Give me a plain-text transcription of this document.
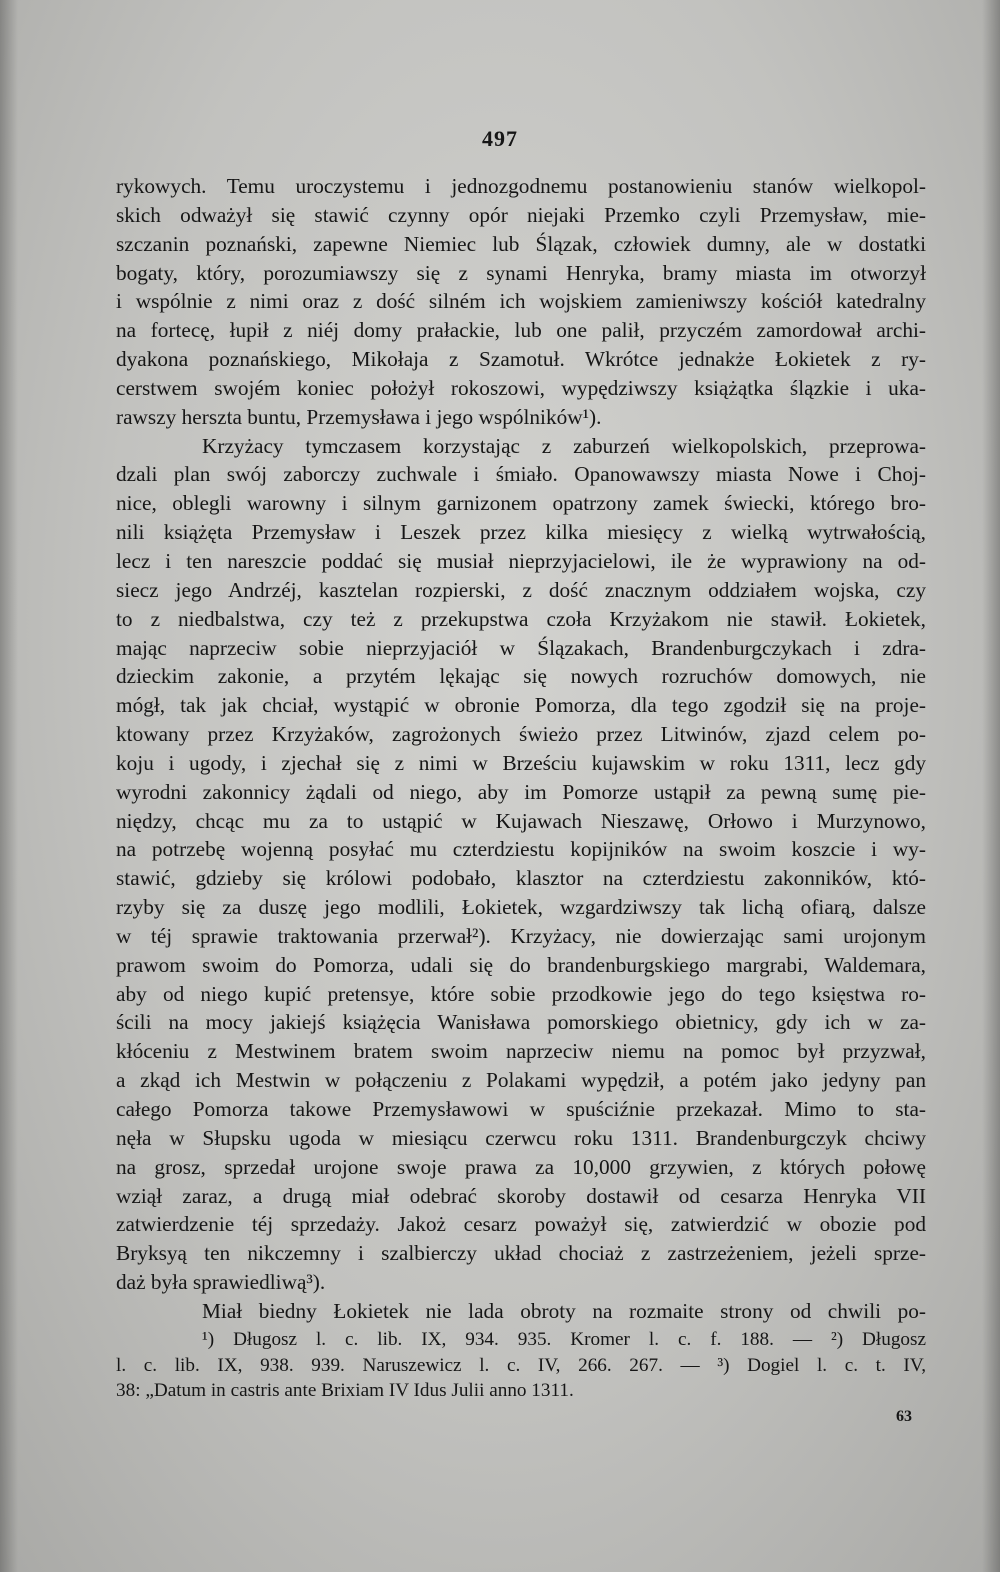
497
rykowych. Temu uroczystemu i jednozgodnemu postanowieniu stanów wielkopol-
skich odważył się stawić czynny opór niejaki Przemko czyli Przemysław, mie-
szczanin poznański, zapewne Niemiec lub Ślązak, człowiek dumny, ale w dostatki
bogaty, który, porozumiawszy się z synami Henryka, bramy miasta im otworzył
i wspólnie z nimi oraz z dość silném ich wojskiem zamieniwszy kościół katedralny
na fortecę, łupił z niéj domy prałackie, lub one palił, przyczém zamordował archi-
dyakona poznańskiego, Mikołaja z Szamotuł. Wkrótce jednakże Łokietek z ry-
cerstwem swojém koniec położył rokoszowi, wypędziwszy książątka ślązkie i uka-
rawszy herszta buntu, Przemysława i jego wspólników¹).
Krzyżacy tymczasem korzystając z zaburzeń wielkopolskich, przeprowa-
dzali plan swój zaborczy zuchwale i śmiało. Opanowawszy miasta Nowe i Choj-
nice, oblegli warowny i silnym garnizonem opatrzony zamek świecki, którego bro-
nili książęta Przemysław i Leszek przez kilka miesięcy z wielką wytrwałością,
lecz i ten nareszcie poddać się musiał nieprzyjacielowi, ile że wyprawiony na od-
siecz jego Andrzéj, kasztelan rozpierski, z dość znacznym oddziałem wojska, czy
to z niedbalstwa, czy też z przekupstwa czoła Krzyżakom nie stawił. Łokietek,
mając naprzeciw sobie nieprzyjaciół w Ślązakach, Brandenburgczykach i zdra-
dzieckim zakonie, a przytém lękając się nowych rozruchów domowych, nie
mógł, tak jak chciał, wystąpić w obronie Pomorza, dla tego zgodził się na proje-
ktowany przez Krzyżaków, zagrożonych świeżo przez Litwinów, zjazd celem po-
koju i ugody, i zjechał się z nimi w Brześciu kujawskim w roku 1311, lecz gdy
wyrodni zakonnicy żądali od niego, aby im Pomorze ustąpił za pewną sumę pie-
niędzy, chcąc mu za to ustąpić w Kujawach Nieszawę, Orłowo i Murzynowo,
na potrzebę wojenną posyłać mu czterdziestu kopijników na swoim koszcie i wy-
stawić, gdzieby się królowi podobało, klasztor na czterdziestu zakonników, któ-
rzyby się za duszę jego modlili, Łokietek, wzgardziwszy tak lichą ofiarą, dalsze
w téj sprawie traktowania przerwał²). Krzyżacy, nie dowierzając sami urojonym
prawom swoim do Pomorza, udali się do brandenburgskiego margrabi, Waldemara,
aby od niego kupić pretensye, które sobie przodkowie jego do tego księstwa ro-
ścili na mocy jakiejś książęcia Wanisława pomorskiego obietnicy, gdy ich w za-
kłóceniu z Mestwinem bratem swoim naprzeciw niemu na pomoc był przyzwał,
a zkąd ich Mestwin w połączeniu z Polakami wypędził, a potém jako jedyny pan
całego Pomorza takowe Przemysławowi w spuściźnie przekazał. Mimo to sta-
nęła w Słupsku ugoda w miesiącu czerwcu roku 1311. Brandenburgczyk chciwy
na grosz, sprzedał urojone swoje prawa za 10,000 grzywien, z których połowę
wziął zaraz, a drugą miał odebrać skoroby dostawił od cesarza Henryka VII
zatwierdzenie téj sprzedaży. Jakoż cesarz poważył się, zatwierdzić w obozie pod
Bryksyą ten nikczemny i szalbierczy układ chociaż z zastrzeżeniem, jeżeli sprze-
daż była sprawiedliwą³).
Miał biedny Łokietek nie lada obroty na rozmaite strony od chwili po-
¹) Długosz l. c. lib. IX, 934. 935. Kromer l. c. f. 188. — ²) Długosz
l. c. lib. IX, 938. 939. Naruszewicz l. c. IV, 266. 267. — ³) Dogiel l. c. t. IV,
38: „Datum in castris ante Brixiam IV Idus Julii anno 1311.
63
